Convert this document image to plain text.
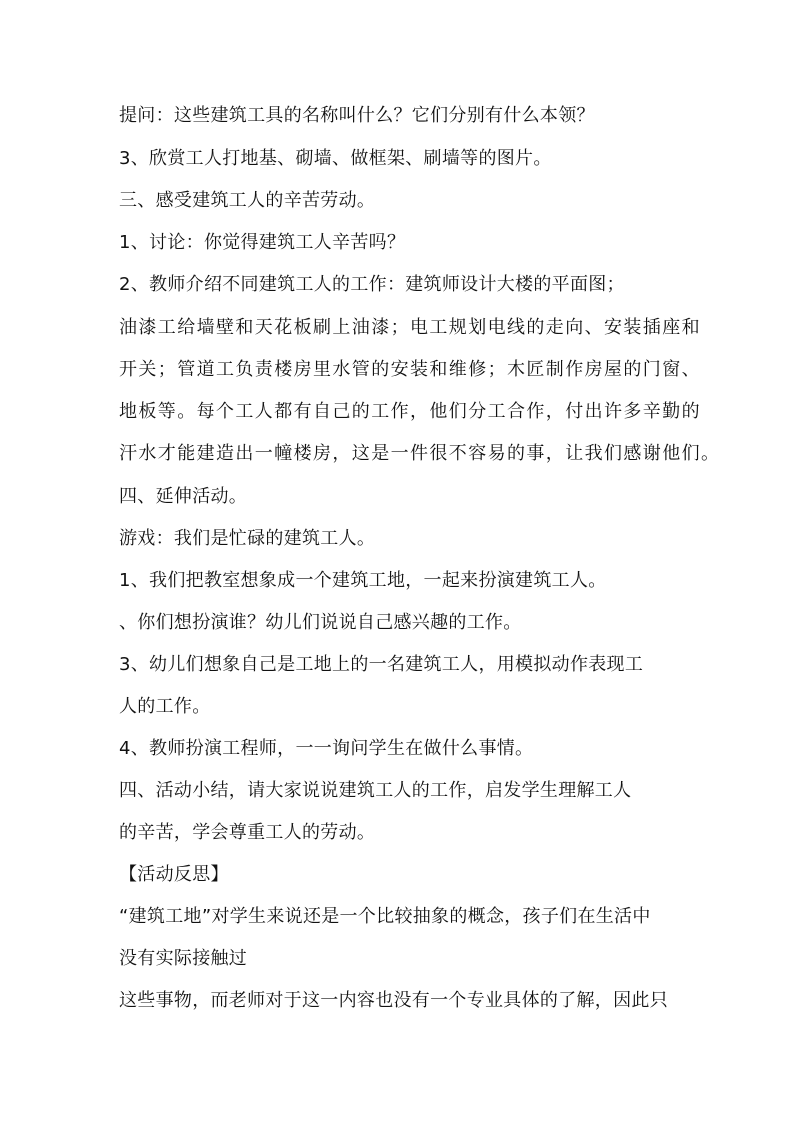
提问：这些建筑工具的名称叫什么？它们分别有什么本领？
3、欣赏工人打地基、砌墙、做框架、刷墙等的图片。
三、感受建筑工人的辛苦劳动。
1、讨论：你觉得建筑工人辛苦吗？
2、教师介绍不同建筑工人的工作：建筑师设计大楼的平面图；
油漆工给墙壁和天花板刷上油漆；电工规划电线的走向、安装插座和
开关；管道工负责楼房里水管的安装和维修；木匠制作房屋的门窗、
地板等。每个工人都有自己的工作，他们分工合作，付出许多辛勤的
汗水才能建造出一幢楼房，这是一件很不容易的事，让我们感谢他们。
四、延伸活动。
游戏：我们是忙碌的建筑工人。
1、我们把教室想象成一个建筑工地，一起来扮演建筑工人。
、你们想扮演谁？幼儿们说说自己感兴趣的工作。
3、幼儿们想象自己是工地上的一名建筑工人，用模拟动作表现工
人的工作。
4、教师扮演工程师，一一询问学生在做什么事情。
四、活动小结，请大家说说建筑工人的工作，启发学生理解工人
的辛苦，学会尊重工人的劳动。
【活动反思】
“建筑工地”对学生来说还是一个比较抽象的概念，孩子们在生活中
没有实际接触过
这些事物，而老师对于这一内容也没有一个专业具体的了解，因此只
